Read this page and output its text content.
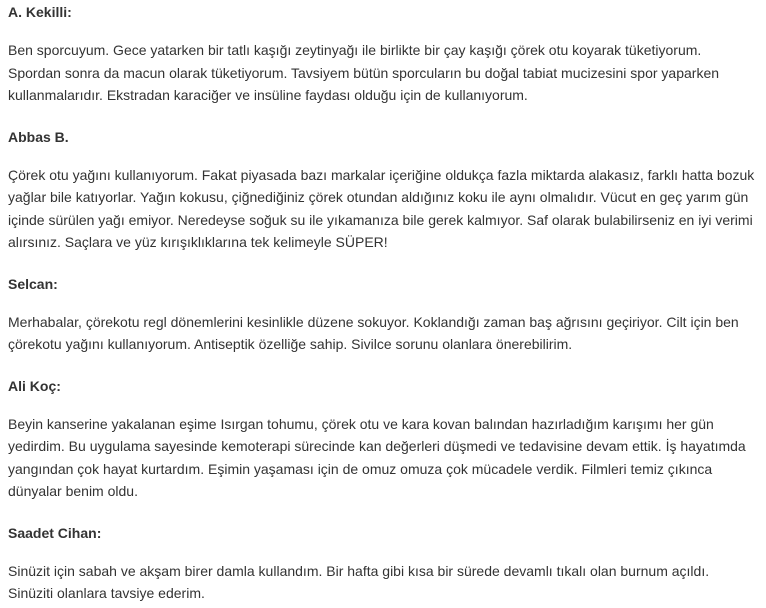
A. Kekilli:

Ben sporcuyum. Gece yatarken bir tatlı kaşığı zeytinyağı ile birlikte bir çay kaşığı çörek otu koyarak tüketiyorum. Spordan sonra da macun olarak tüketiyorum. Tavsiyem bütün sporcuların bu doğal tabiat mucizesini spor yaparken kullanmalarıdır. Ekstradan karaciğer ve insüline faydası olduğu için de kullanıyorum.

Abbas B.

Çörek otu yağını kullanıyorum. Fakat piyasada bazı markalar içeriğine oldukça fazla miktarda alakasız, farklı hatta bozuk yağlar bile katıyorlar. Yağın kokusu, çiğnediğiniz çörek otundan aldığınız koku ile aynı olmalıdır. Vücut en geç yarım gün içinde sürülen yağı emiyor. Neredeyse soğuk su ile yıkamanıza bile gerek kalmıyor. Saf olarak bulabilirseniz en iyi verimi alırsınız. Saçlara ve yüz kırışıklıklarına tek kelimeyle SÜPER!

Selcan:

Merhabalar, çörekotu regl dönemlerini kesinlikle düzene sokuyor. Koklandığı zaman baş ağrısını geçiriyor. Cilt için ben çörekotu yağını kullanıyorum. Antiseptik özelliğe sahip. Sivilce sorunu olanlara önerebilirim.

Ali Koç:

Beyin kanserine yakalanan eşime Isırgan tohumu, çörek otu ve kara kovan balından hazırladığım karışımı her gün yedirdim. Bu uygulama sayesinde kemoterapi sürecinde kan değerleri düşmedi ve tedavisine devam ettik. İş hayatımda yangından çok hayat kurtardım. Eşimin yaşaması için de omuz omuza çok mücadele verdik. Filmleri temiz çıkınca dünyalar benim oldu.

Saadet Cihan:

Sinüzit için sabah ve akşam birer damla kullandım. Bir hafta gibi kısa bir sürede devamlı tıkalı olan burnum açıldı. Sinüziti olanlara tavsiye ederim.
